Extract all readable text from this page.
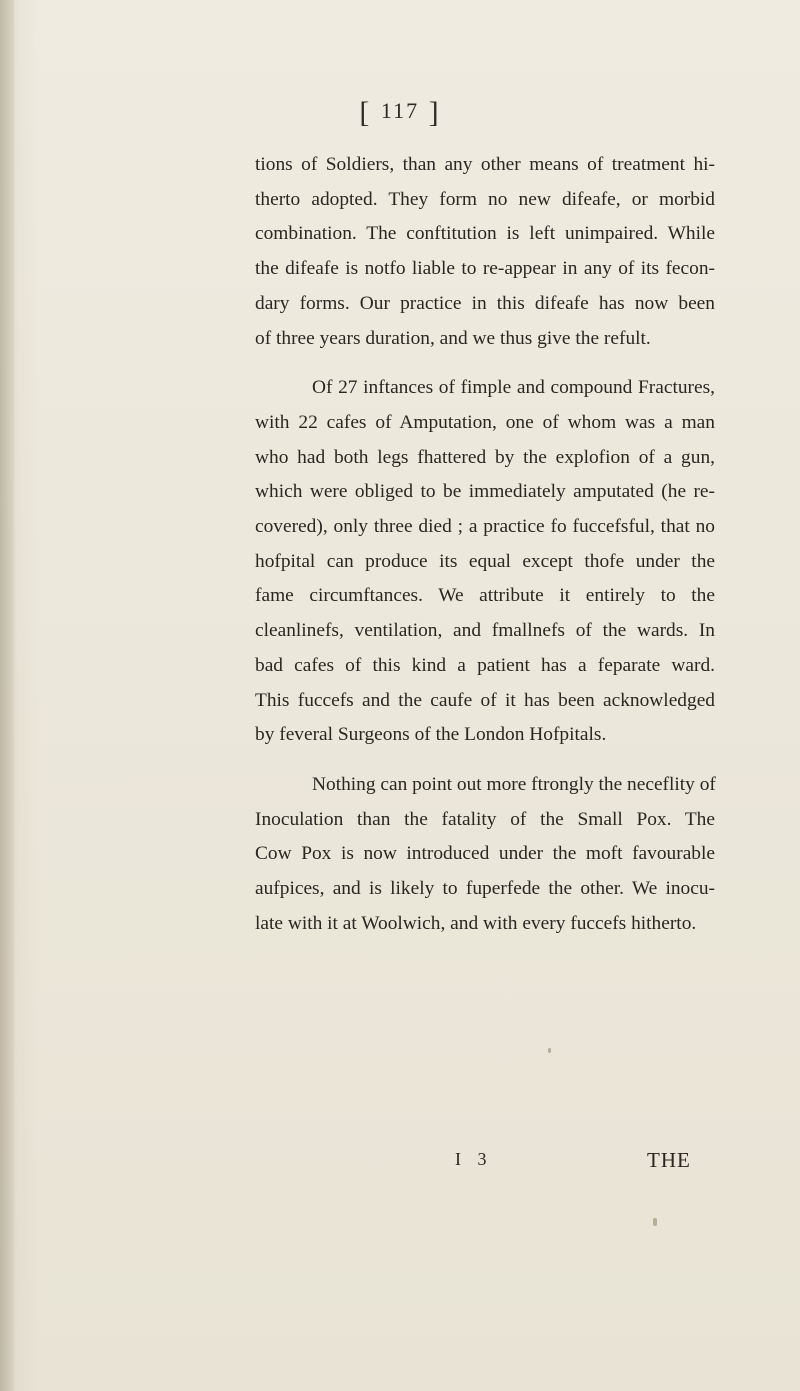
[ 117 ]
tions of Soldiers, than any other means of treatment hi-
therto adopted. They form no new difeafe, or morbid
combination. The conftitution is left unimpaired. While
the difeafe is notfo liable to re-appear in any of its fecon-
dary forms. Our practice in this difeafe has now been
of three years duration, and we thus give the refult.
Of 27 inftances of fimple and compound Fractures,
with 22 cafes of Amputation, one of whom was a man
who had both legs fhattered by the explofion of a gun,
which were obliged to be immediately amputated (he re-
covered), only three died ; a practice fo fuccefsful, that no
hofpital can produce its equal except thofe under the
fame circumftances. We attribute it entirely to the
cleanlinefs, ventilation, and fmallnefs of the wards. In
bad cafes of this kind a patient has a feparate ward.
This fuccefs and the caufe of it has been acknowledged
by feveral Surgeons of the London Hofpitals.
Nothing can point out more ftrongly the neceflity of
Inoculation than the fatality of the Small Pox. The
Cow Pox is now introduced under the moft favourable
aufpices, and is likely to fuperfede the other. We inocu-
late with it at Woolwich, and with every fuccefs hitherto.
I 3	THE
